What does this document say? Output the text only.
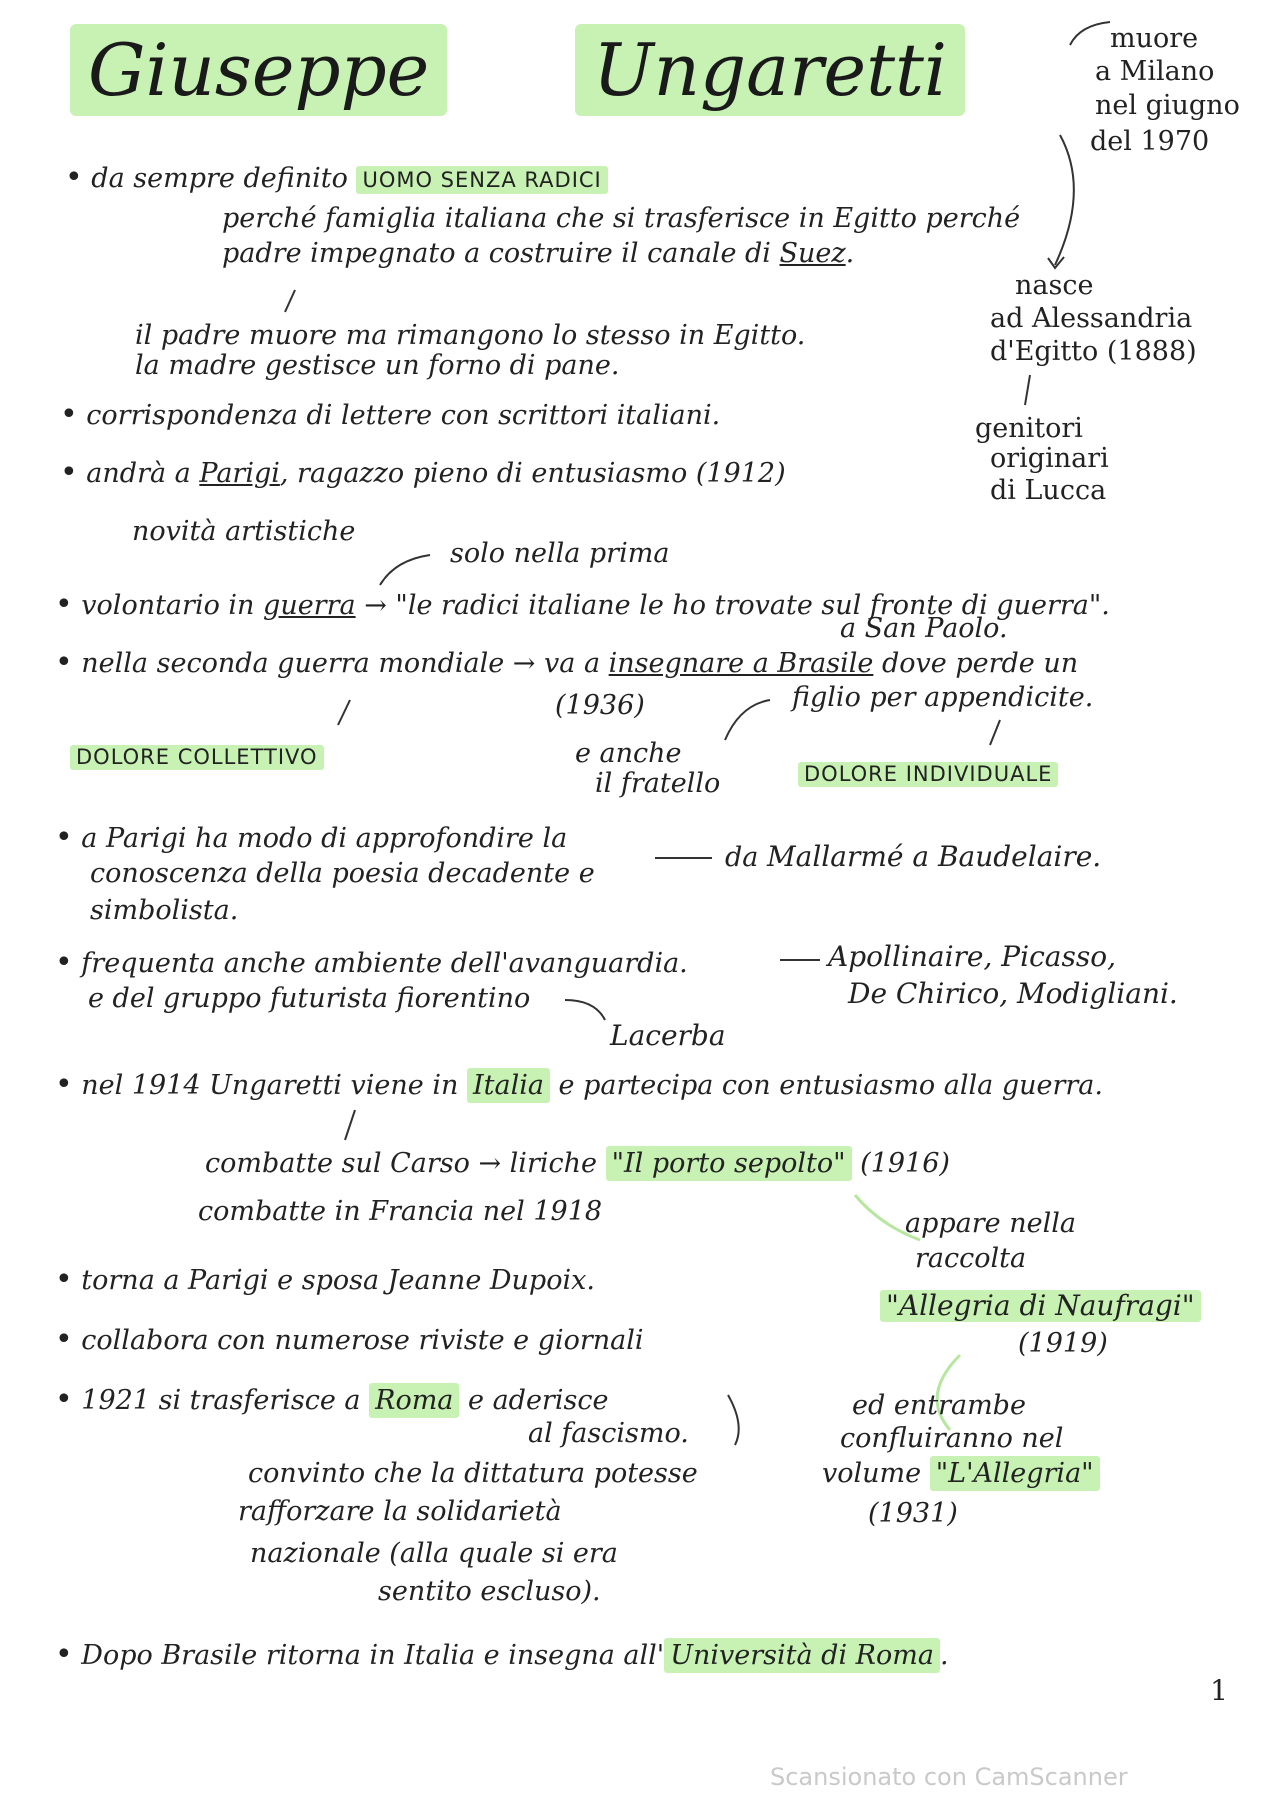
Giuseppe Ungaretti	muore
a Milano
nel giugno
del 1970
nasce
ad Alessandria
d'Egitto (1888)
genitori
originari
di Lucca
• da sempre definito UOMO SENZA RADICI
perché famiglia italiana che si trasferisce in Egitto perché
padre impegnato a costruire il canale di Suez.
il padre muore ma rimangono lo stesso in Egitto.
la madre gestisce un forno di pane.
• corrispondenza di lettere con scrittori italiani.
• andrà a Parigi, ragazzo pieno di entusiasmo (1912)
novità artistiche
solo nella prima
• volontario in guerra → "le radici italiane le ho trovate sul fronte di guerra".
a San Paolo.
• nella seconda guerra mondiale → va a insegnare a Brasile dove perde un
(1936)	figlio per appendicite.
e anche
il fratello
DOLORE COLLETTIVO
DOLORE INDIVIDUALE
• a Parigi ha modo di approfondire la
conoscenza della poesia decadente e
simbolista.
da Mallarmé a Baudelaire.
• frequenta anche ambiente dell'avanguardia.
e del gruppo futurista fiorentino
Apollinaire, Picasso,
De Chirico, Modigliani.
Lacerba
• nel 1914 Ungaretti viene in Italia e partecipa con entusiasmo alla guerra.
combatte sul Carso → liriche "Il porto sepolto" (1916)
combatte in Francia nel 1918	appare nella
raccolta
"Allegria di Naufragi"
(1919)
• torna a Parigi e sposa Jeanne Dupoix.
• collabora con numerose riviste e giornali
• 1921 si trasferisce a Roma e aderisce
al fascismo.
convinto che la dittatura potesse
rafforzare la solidarietà
nazionale (alla quale si era
sentito escluso).
ed entrambe
confluiranno nel
volume "L'Allegria"
(1931)
• Dopo Brasile ritorna in Italia e insegna all' Università di Roma .
1
Scansionato con CamScanner
